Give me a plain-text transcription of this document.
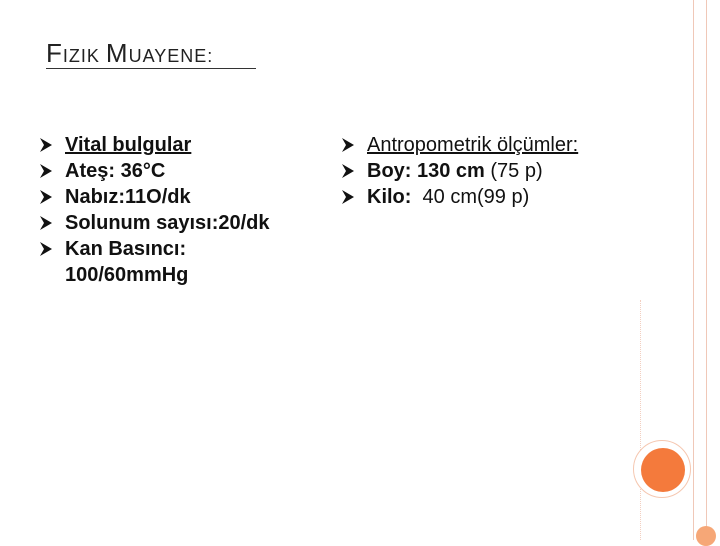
FIZIK MUAYENE:
Vital bulgular
Ateş: 36°C
Nabız:11O/dk
Solunum sayısı:20/dk
Kan Basıncı: 100/60mmHg
Antropometrik ölçümler:
Boy: 130 cm (75 p)
Kilo:  40 cm(99 p)
